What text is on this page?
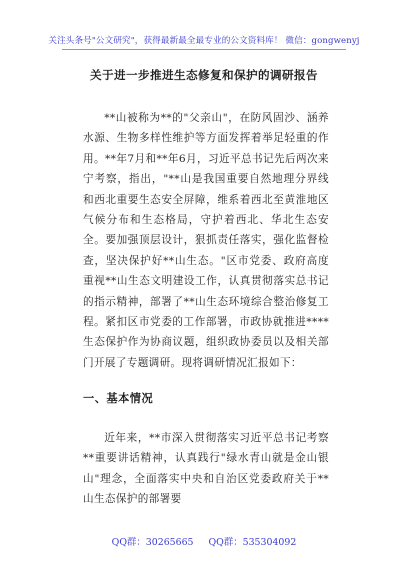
关注头条号"公文研究"，获得最新最全最专业的公文资料库！ 微信：gongwenyj
关于进一步推进生态修复和保护的调研报告
**山被称为**的"父亲山"，在防风固沙、涵养水源、生物多样性维护等方面发挥着举足轻重的作用。**年7月和**年6月，习近平总书记先后两次来宁考察，指出，"**山是我国重要自然地理分界线和西北重要生态安全屏障，维系着西北至黄淮地区气候分布和生态格局，守护着西北、华北生态安全。要加强顶层设计，狠抓责任落实，强化监督检查，坚决保护好**山生态。"区市党委、政府高度重视**山生态文明建设工作，认真贯彻落实总书记的指示精神，部署了**山生态环境综合整治修复工程。紧扣区市党委的工作部署，市政协就推进****生态保护作为协商议题，组织政协委员以及相关部门开展了专题调研。现将调研情况汇报如下：
一、基本情况
近年来，**市深入贯彻落实习近平总书记考察**重要讲话精神，认真践行"绿水青山就是金山银山"理念，全面落实中央和自治区党委政府关于**山生态保护的部署要
QQ群：30265665 QQ群：535304092
